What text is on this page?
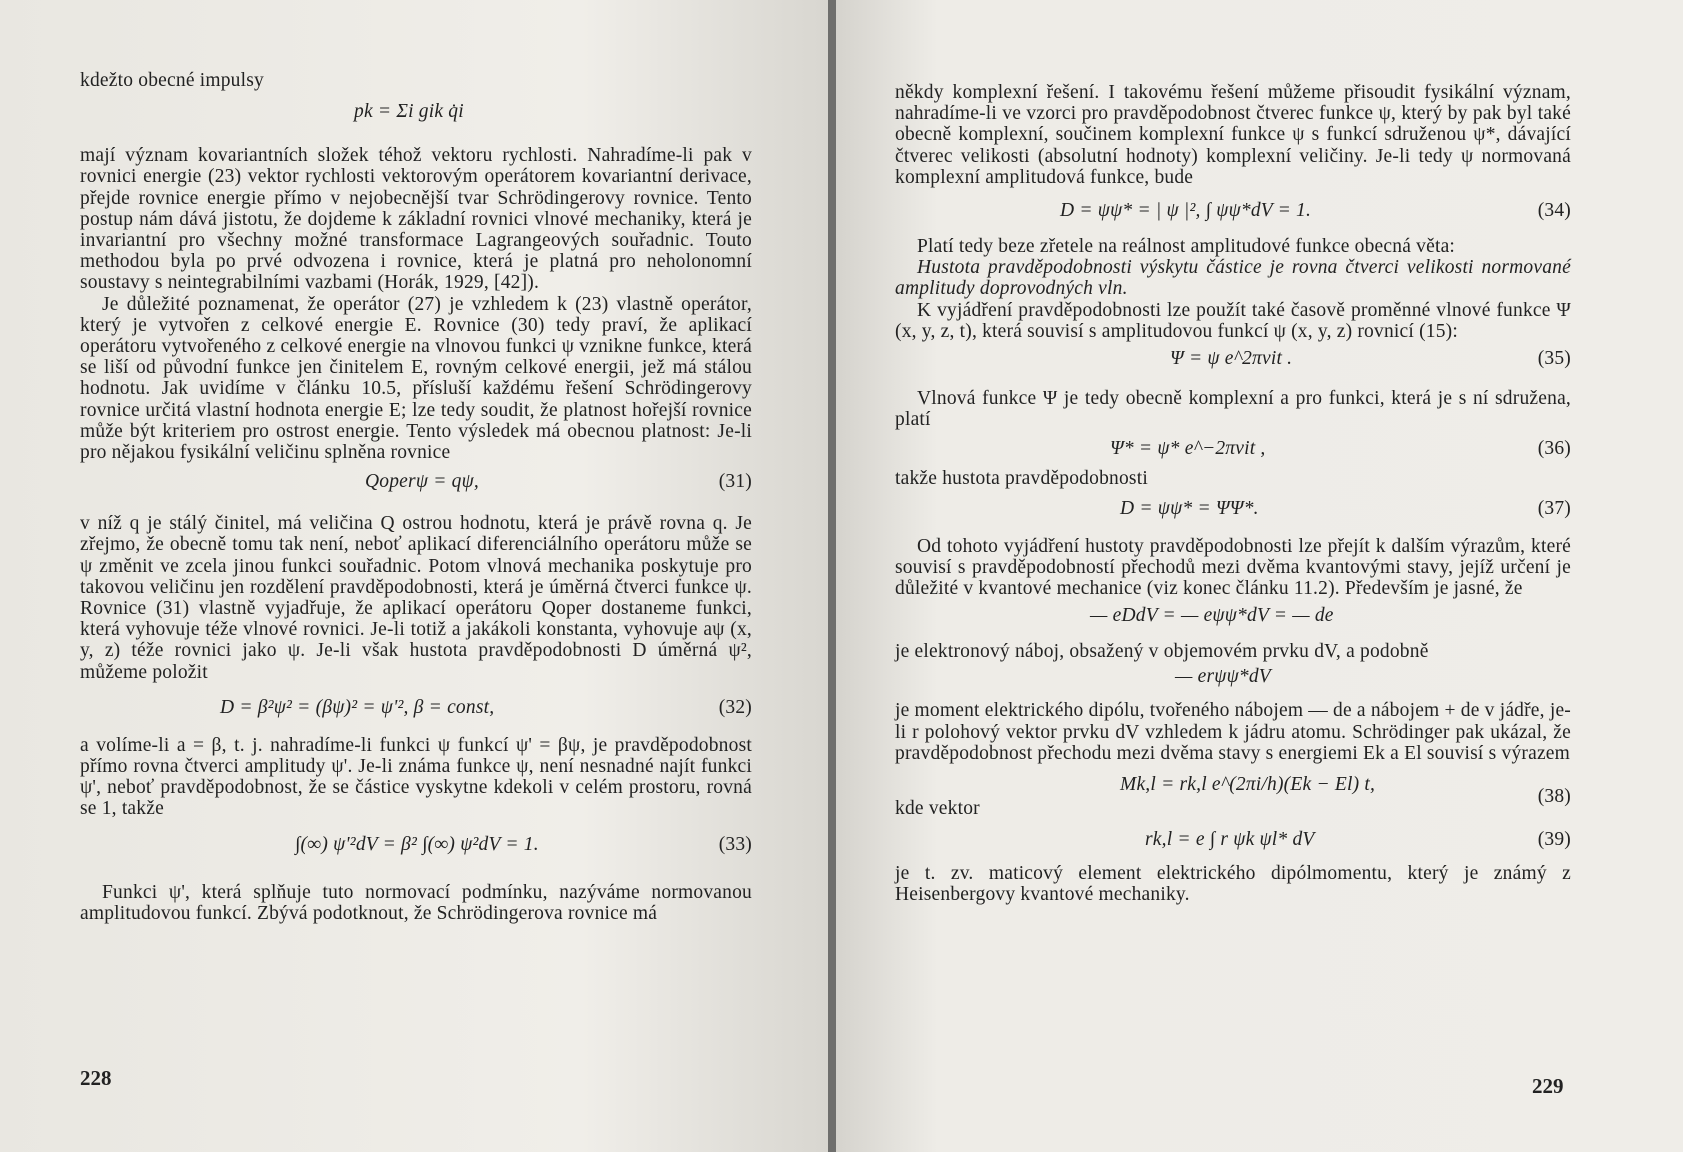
kdežto obecné impulsy

pk = Σi gik q̇i

mají význam kovariantních složek téhož vektoru rychlosti. Nahradíme-li pak v rovnici energie (23) vektor rychlosti vektorovým operátorem kovariantní derivace, přejde rovnice energie přímo v nejobecnější tvar Schrödingerovy rovnice. Tento postup nám dává jistotu, že dojdeme k základní rovnici vlnové mechaniky, která je invariantní pro všechny možné transformace Lagrangeových souřadnic. Touto methodou byla po prvé odvozena i rovnice, která je platná pro neholonomní soustavy s neintegrabilními vazbami (Horák, 1929, [42]).

Je důležité poznamenat, že operátor (27) je vzhledem k (23) vlastně operátor, který je vytvořen z celkové energie E. Rovnice (30) tedy praví, že aplikací operátoru vytvořeného z celkové energie na vlnovou funkci ψ vznikne funkce, která se liší od původní funkce jen činitelem E, rovným celkové energii, jež má stálou hodnotu. Jak uvidíme v článku 10.5, přísluší každému řešení Schrödingerovy rovnice určitá vlastní hodnota energie E; lze tedy soudit, že platnost hořejší rovnice může být kriteriem pro ostrost energie. Tento výsledek má obecnou platnost: Je-li pro nějakou fysikální veličinu splněna rovnice

Qoperψ = qψ,	(31)

v níž q je stálý činitel, má veličina Q ostrou hodnotu, která je právě rovna q. Je zřejmo, že obecně tomu tak není, neboť aplikací diferenciálního operátoru může se ψ změnit ve zcela jinou funkci souřadnic. Potom vlnová mechanika poskytuje pro takovou veličinu jen rozdělení pravděpodobnosti, která je úměrná čtverci funkce ψ. Rovnice (31) vlastně vyjadřuje, že aplikací operátoru Qoper dostaneme funkci, která vyhovuje téže vlnové rovnici. Je-li totiž a jakákoli konstanta, vyhovuje aψ (x, y, z) téže rovnici jako ψ. Je-li však hustota pravděpodobnosti D úměrná ψ², můžeme položit

D = β²ψ² = (βψ)² = ψ'², β = const,	(32)

a volíme-li a = β, t. j. nahradíme-li funkci ψ funkcí ψ' = βψ, je pravděpodobnost přímo rovna čtverci amplitudy ψ'. Je-li známa funkce ψ, není nesnadné najít funkci ψ', neboť pravděpodobnost, že se částice vyskytne kdekoli v celém prostoru, rovná se 1, takže

∫(∞) ψ'²dV = β² ∫(∞) ψ²dV = 1.	(33)

Funkci ψ', která splňuje tuto normovací podmínku, nazýváme normovanou amplitudovou funkcí. Zbývá podotknout, že Schrödingerova rovnice má

228

někdy komplexní řešení. I takovému řešení můžeme přisoudit fysikální význam, nahradíme-li ve vzorci pro pravděpodobnost čtverec funkce ψ, který by pak byl také obecně komplexní, součinem komplexní funkce ψ s funkcí sdruženou ψ*, dávající čtverec velikosti (absolutní hodnoty) komplexní veličiny. Je-li tedy ψ normovaná komplexní amplitudová funkce, bude

D = ψψ* = | ψ |², ∫ ψψ*dV = 1.	(34)

Platí tedy beze zřetele na reálnost amplitudové funkce obecná věta:

Hustota pravděpodobnosti výskytu částice je rovna čtverci velikosti normované amplitudy doprovodných vln.

K vyjádření pravděpodobnosti lze použít také časově proměnné vlnové funkce Ψ (x, y, z, t), která souvisí s amplitudovou funkcí ψ (x, y, z) rovnicí (15):

Ψ = ψ e^2πνit .	(35)

Vlnová funkce Ψ je tedy obecně komplexní a pro funkci, která je s ní sdružena, platí

Ψ* = ψ* e^−2πνit ,	(36)

takže hustota pravděpodobnosti

D = ψψ* = ΨΨ*.	(37)

Od tohoto vyjádření hustoty pravděpodobnosti lze přejít k dalším výrazům, které souvisí s pravděpodobností přechodů mezi dvěma kvantovými stavy, jejíž určení je důležité v kvantové mechanice (viz konec článku 11.2). Především je jasné, že

— eDdV = — eψψ*dV = — de

je elektronový náboj, obsažený v objemovém prvku dV, a podobně

— erψψ*dV

je moment elektrického dipólu, tvořeného nábojem — de a nábojem + de v jádře, je-li r polohový vektor prvku dV vzhledem k jádru atomu. Schrödinger pak ukázal, že pravděpodobnost přechodu mezi dvěma stavy s energiemi Ek a El souvisí s výrazem

Mk,l = rk,l e^(2πi/h)(Ek − El) t,
(38)

kde vektor

rk,l = e ∫ r ψk ψl* dV	(39)

je t. zv. maticový element elektrického dipólmomentu, který je známý z Heisenbergovy kvantové mechaniky.

229
